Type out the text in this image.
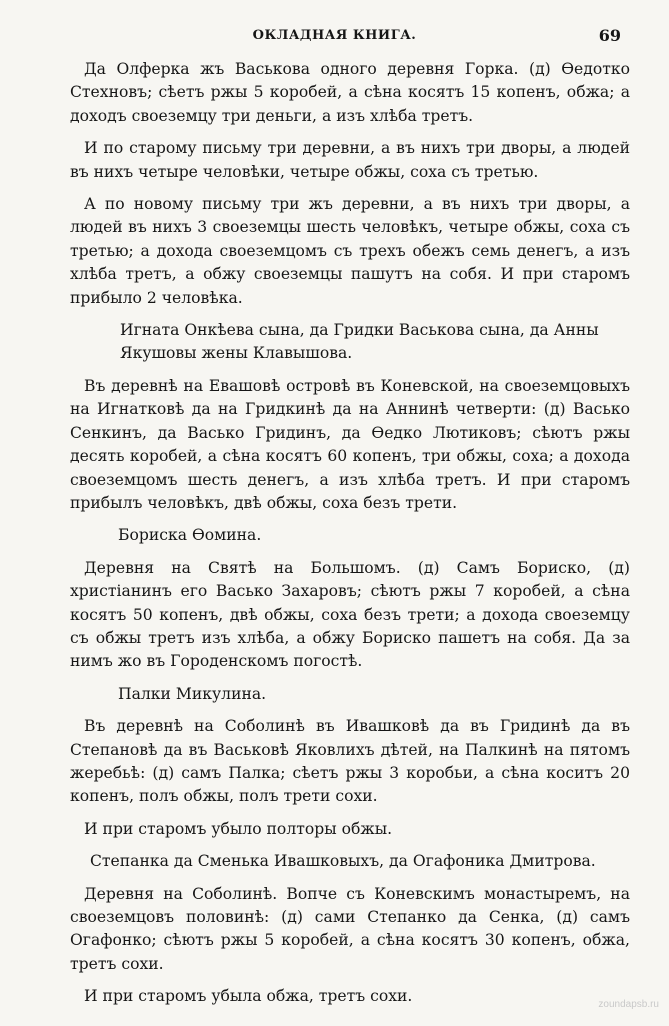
ОКЛАДНАЯ КНИГА.	69

Да Олферка жъ Васькова одного деревня Горка. (д) Ѳедотко Стехновъ; сѣетъ ржы 5 коробей, а сѣна косятъ 15 копенъ, обжа; а доходъ своеземцу три деньги, а изъ хлѣба третъ.

И по старому письму три деревни, а въ нихъ три дворы, а людей въ нихъ четыре человѣки, четыре обжы, соха съ третью.

А по новому письму три жъ деревни, а въ нихъ три дворы, а людей въ нихъ 3 своеземцы шесть человѣкъ, четыре обжы, соха съ третью; а дохода своеземцомъ съ трехъ обежъ семь денегъ, а изъ хлѣба третъ, а обжу своеземцы пашутъ на собя. И при старомъ прибыло 2 человѣка.

Игната Онкѣева сына, да Гридки Васькова сына, да Анны Якушовы жены Клавышова.

Въ деревнѣ на Евашовѣ островѣ въ Коневской, на своеземцовыхъ на Игнатковѣ да на Гридкинѣ да на Аннинѣ четверти: (д) Васько Сенкинъ, да Васько Гридинъ, да Ѳедко Лютиковъ; сѣютъ ржы десять коробей, а сѣна косятъ 60 копенъ, три обжы, соха; а дохода своеземцомъ шесть денегъ, а изъ хлѣба третъ. И при старомъ прибылъ человѣкъ, двѣ обжы, соха безъ трети.

Бориска Ѳомина.

Деревня на Святѣ на Большомъ. (д) Самъ Бориско, (д) христіанинъ его Васько Захаровъ; сѣютъ ржы 7 коробей, а сѣна косятъ 50 копенъ, двѣ обжы, соха безъ трети; а дохода своеземцу съ обжы третъ изъ хлѣба, а обжу Бориско пашетъ на собя. Да за нимъ жо въ Городенскомъ погостѣ.

Палки Микулина.

Въ деревнѣ на Соболинѣ въ Ивашковѣ да въ Гридинѣ да въ Степановѣ да въ Васьковѣ Яковлихъ дѣтей, на Палкинѣ на пятомъ жеребьѣ: (д) самъ Палка; сѣетъ ржы 3 коробьи, а сѣна коситъ 20 копенъ, полъ обжы, полъ трети сохи.

И при старомъ убыло полторы обжы.

Степанка да Сменька Ивашковыхъ, да Огафоника Дмитрова.

Деревня на Соболинѣ. Вопче съ Коневскимъ монастыремъ, на своеземцовъ половинѣ: (д) сами Степанко да Сенка, (д) самъ Огафонко; сѣютъ ржы 5 коробей, а сѣна косятъ 30 копенъ, обжа, третъ сохи.

И при старомъ убыла обжа, третъ сохи.	zoundapsb.ru
